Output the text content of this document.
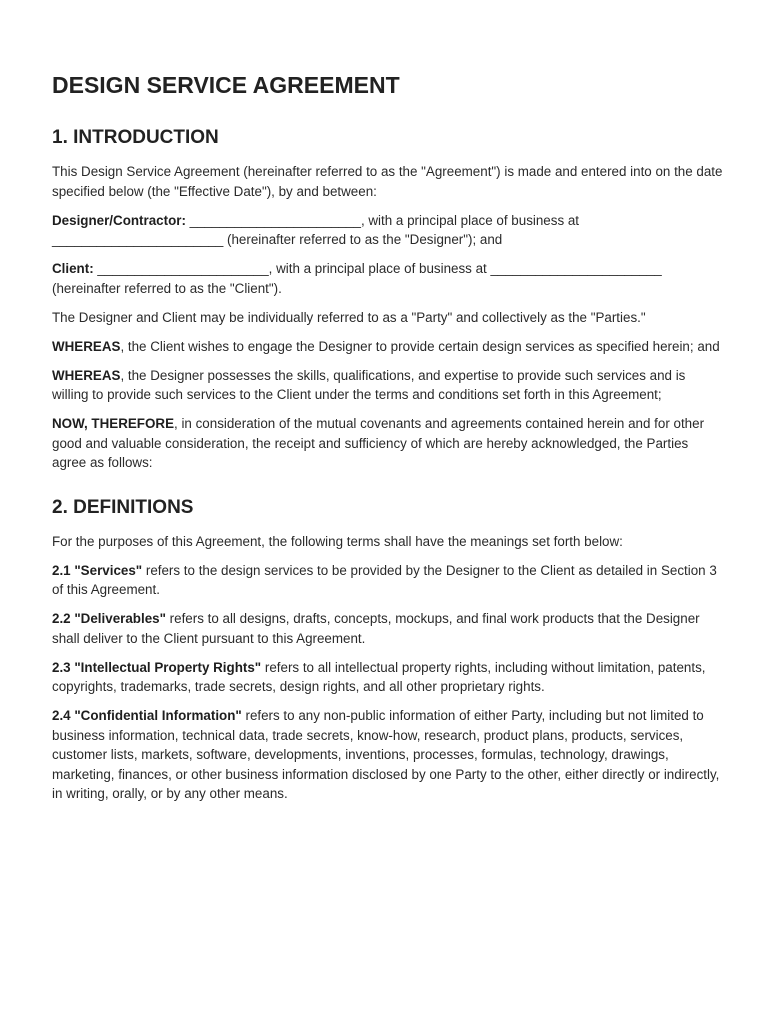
DESIGN SERVICE AGREEMENT
1. INTRODUCTION

This Design Service Agreement (hereinafter referred to as the "Agreement") is made and entered into on the date specified below (the "Effective Date"), by and between:

Designer/Contractor: _______________________, with a principal place of business at _______________________ (hereinafter referred to as the "Designer"); and

Client: _______________________, with a principal place of business at _______________________ (hereinafter referred to as the "Client").

The Designer and Client may be individually referred to as a "Party" and collectively as the "Parties."

WHEREAS, the Client wishes to engage the Designer to provide certain design services as specified herein; and

WHEREAS, the Designer possesses the skills, qualifications, and expertise to provide such services and is willing to provide such services to the Client under the terms and conditions set forth in this Agreement;

NOW, THEREFORE, in consideration of the mutual covenants and agreements contained herein and for other good and valuable consideration, the receipt and sufficiency of which are hereby acknowledged, the Parties agree as follows:

2. DEFINITIONS

For the purposes of this Agreement, the following terms shall have the meanings set forth below:

2.1 "Services" refers to the design services to be provided by the Designer to the Client as detailed in Section 3 of this Agreement.

2.2 "Deliverables" refers to all designs, drafts, concepts, mockups, and final work products that the Designer shall deliver to the Client pursuant to this Agreement.

2.3 "Intellectual Property Rights" refers to all intellectual property rights, including without limitation, patents, copyrights, trademarks, trade secrets, design rights, and all other proprietary rights.

2.4 "Confidential Information" refers to any non-public information of either Party, including but not limited to business information, technical data, trade secrets, know-how, research, product plans, products, services, customer lists, markets, software, developments, inventions, processes, formulas, technology, drawings, marketing, finances, or other business information disclosed by one Party to the other, either directly or indirectly, in writing, orally, or by any other means.
